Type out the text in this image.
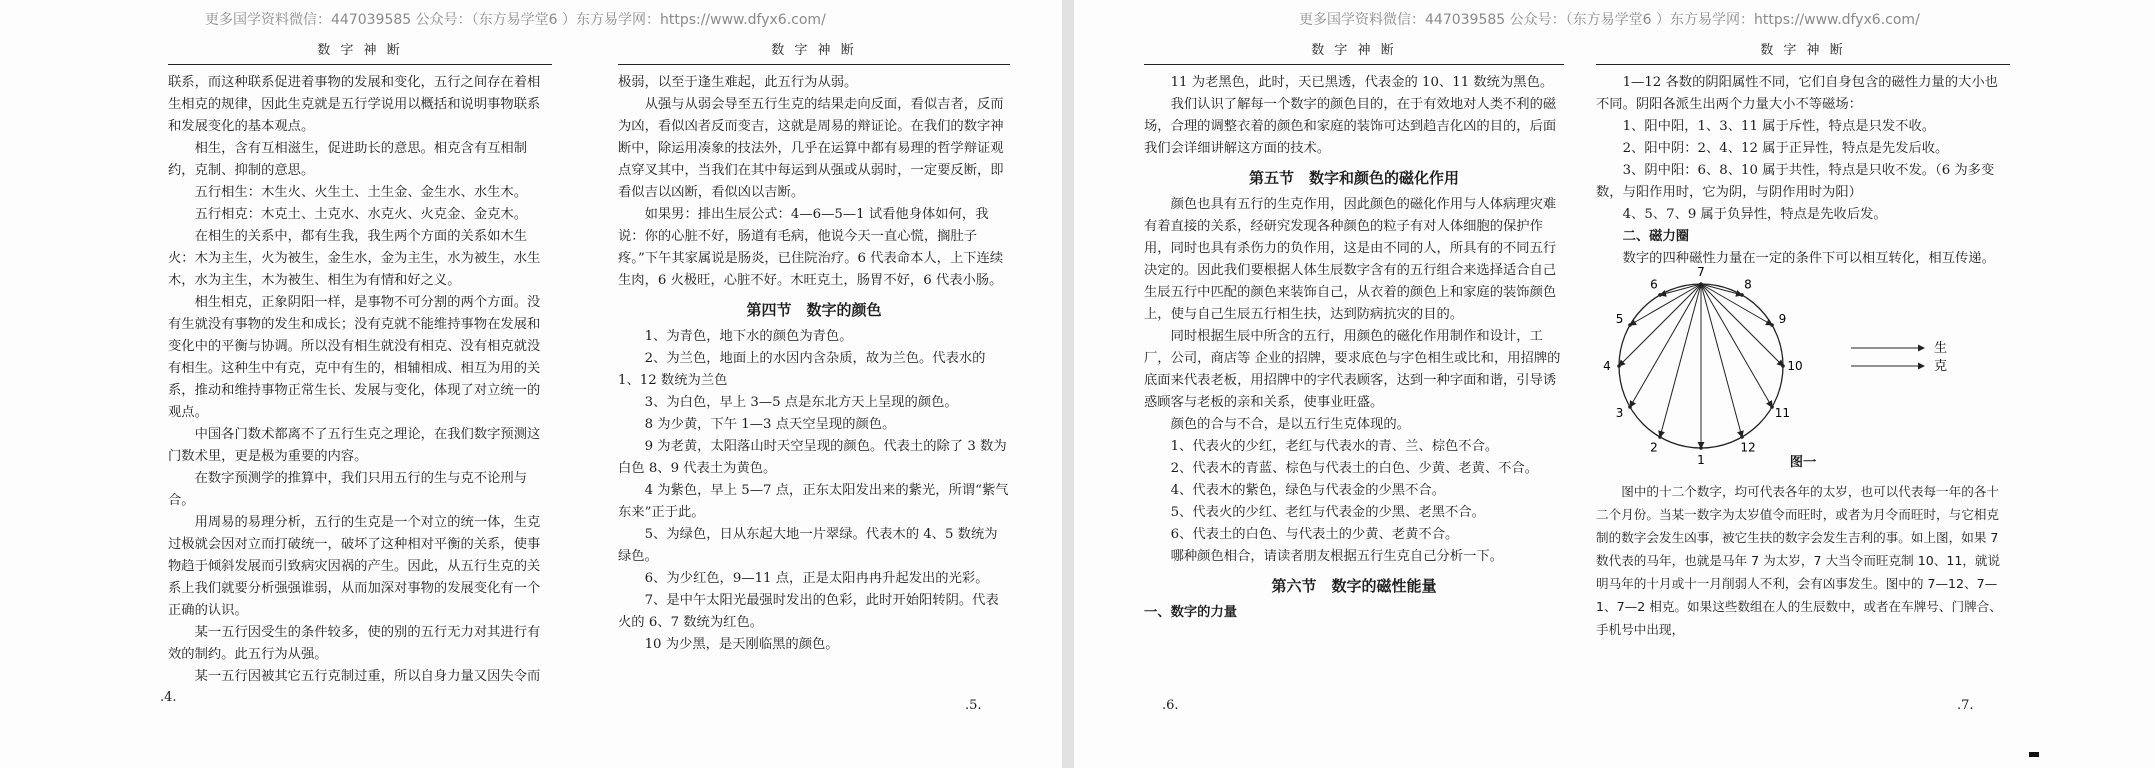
更多国学资料微信：447039585 公众号：（东方易学堂6 ）东方易学网：https://www.dfyx6.com/
数 字 神 断

联系，而这种联系促进着事物的发展和变化，五行之间存在着相生相克的规律，因此生克就是五行学说用以概括和说明事物联系和发展变化的基本观点。

相生，含有互相滋生，促进助长的意思。相克含有互相制约，克制、抑制的意思。

五行相生：木生火、火生土、土生金、金生水、水生木。

五行相克：木克土、土克水、水克火、火克金、金克木。

在相生的关系中，都有生我，我生两个方面的关系如木生火：木为主生，火为被生，金生水，金为主生，水为被生，水生木，水为主生，木为被生、相生为有情和好之义。

相生相克，正象阴阳一样，是事物不可分割的两个方面。没有生就没有事物的发生和成长；没有克就不能维持事物在发展和变化中的平衡与协调。所以没有相生就没有相克、没有相克就没有相生。这种生中有克，克中有生的，相辅相成、相互为用的关系，推动和维持事物正常生长、发展与变化，体现了对立统一的观点。

中国各门数术都离不了五行生克之理论，在我们数字预测这门数术里，更是极为重要的内容。

在数字预测学的推算中，我们只用五行的生与克不论刑与合。

用周易的易理分析，五行的生克是一个对立的统一体，生克过极就会因对立而打破统一，破坏了这种相对平衡的关系，使事物趋于倾斜发展而引致病灾因祸的产生。因此，从五行生克的关系上我们就要分析强强谁弱，从而加深对事物的发展变化有一个正确的认识。

某一五行因受生的条件较多，使的别的五行无力对其进行有效的制约。此五行为从强。

某一五行因被其它五行克制过重，所以自身力量又因失令而

.4.
数 字 神 断

极弱，以至于逢生难起，此五行为从弱。

从强与从弱会导至五行生克的结果走向反面，看似吉者，反而为凶，看似凶者反而变吉，这就是周易的辩证论。在我们的数字神断中，除运用凑象的技法外，几乎在运算中都有易理的哲学辩证观点穿叉其中，当我们在其中每运到从强或从弱时，一定要反断，即看似吉以凶断，看似凶以吉断。

如果男：排出生辰公式：4—6—5—1 试看他身体如何，我说：你的心脏不好，肠道有毛病，他说今天一直心慌，搁肚子疼。”下午其家属说是肠炎，已住院治疗。6 代表命本人，上下连续生肉，6 火极旺，心脏不好。木旺克土，肠胃不好，6 代表小肠。

第四节　数字的颜色

1、为青色，地下水的颜色为青色。

2、为兰色，地面上的水因内含杂质，故为兰色。代表水的 1、12 数统为兰色

3、为白色，早上 3—5 点是东北方天上呈现的颜色。

8 为少黄，下午 1—3 点天空呈现的颜色。

9 为老黄，太阳落山时天空呈现的颜色。代表土的除了 3 数为白色 8、9 代表土为黄色。

4 为紫色，早上 5—7 点，正东太阳发出来的紫光，所谓“紫气东来”正于此。

5、为绿色，日从东起大地一片翠绿。代表木的 4、5 数统为绿色。

6、为少红色，9—11 点，正是太阳冉冉升起发出的光彩。

7、是中午太阳光最强时发出的色彩，此时开始阳转阴。代表火的 6、7 数统为红色。

10 为少黑，是天刚临黑的颜色。

.5.
更多国学资料微信：447039585 公众号：（东方易学堂6 ）东方易学网：https://www.dfyx6.com/
数 字 神 断

11 为老黑色，此时，天已黑透，代表金的 10、11 数统为黑色。

我们认识了解每一个数字的颜色目的，在于有效地对人类不利的磁场，合理的调整衣着的颜色和家庭的装饰可达到趋吉化凶的目的，后面我们会详细讲解这方面的技术。

第五节　数字和颜色的磁化作用

颜色也具有五行的生克作用，因此颜色的磁化作用与人体病理灾难有着直接的关系，经研究发现各种颜色的粒子有对人体细胞的保护作用，同时也具有杀伤力的负作用，这是由不同的人，所具有的不同五行决定的。因此我们要根据人体生辰数字含有的五行组合来选择适合自己生辰五行中匹配的颜色来装饰自己，从衣着的颜色上和家庭的装饰颜色上，使与自己生辰五行相生扶，达到防病抗灾的目的。

同时根据生辰中所含的五行，用颜色的磁化作用制作和设计，工厂，公司，商店等 企业的招牌，要求底色与字色相生或比和，用招牌的底面来代表老板，用招牌中的字代表顾客，达到一种字面和谐，引导诱惑顾客与老板的亲和关系，使事业旺盛。

颜色的合与不合，是以五行生克体现的。

1、代表火的少红，老红与代表水的青、兰、棕色不合。

2、代表木的青蓝、棕色与代表土的白色、少黄、老黄、不合。

4、代表木的紫色，绿色与代表金的少黑不合。

5、代表火的少红、老红与代表金的少黑、老黑不合。

6、代表土的白色、与代表土的少黄、老黄不合。

哪种颜色相合，请读者朋友根据五行生克自己分析一下。

第六节　数字的磁性能量

一、数字的力量

.6.
数 字 神 断

1—12 各数的阴阳属性不同，它们自身包含的磁性力量的大小也不同。阴阳各派生出两个力量大小不等磁场：

1、阳中阳，1、3、11 属于斥性，特点是只发不收。

2、阳中阴：2、4、12 属于正异性，特点是先发后收。

3、阴中阳：6、8、10 属于共性，特点是只收不发。（6 为多变数，与阳作用时，它为阴，与阴作用时为阳）

4、5、7、9 属于负异性，特点是先收后发。

二、磁力圈

数字的四种磁性力量在一定的条件下可以相互转化，相互传递。

7
8
9
10
11
12
1
2
3
4
5
6
生
克
图一

图中的十二个数字，均可代表各年的太岁，也可以代表每一年的各十二个月份。当某一数字为太岁值令而旺时，或者为月令而旺时，与它相克制的数字会发生凶事，被它生扶的数字会发生吉利的事。如上图，如果 7 数代表的马年，也就是马年 7 为太岁，7 大当令而旺克制 10、11，就说明马年的十月或十一月削弱人不利，会有凶事发生。图中的 7—12、7—1、7—2 相克。如果这些数组在人的生辰数中，或者在车牌号、门牌合、手机号中出现，

.7.
